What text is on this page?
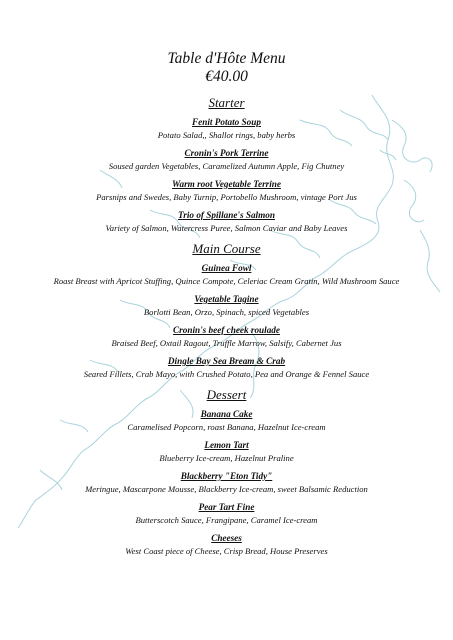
Table d'Hôte Menu
€40.00
Starter
Fenit Potato Soup
Potato Salad,, Shallot rings, baby herbs
Cronin's Pork Terrine
Soused garden Vegetables, Caramelized Autumn Apple, Fig Chutney
Warm root Vegetable Terrine
Parsnips and Swedes, Baby Turnip, Portobello Mushroom, vintage Port Jus
Trio of Spillane's Salmon
Variety of Salmon, Watercress Puree, Salmon Caviar and Baby Leaves
Main Course
Guinea Fowl
Roast Breast with Apricot Stuffing, Quince Compote, Celeriac Cream Gratin, Wild Mushroom Sauce
Vegetable Tagine
Borlotti Bean, Orzo, Spinach, spiced Vegetables
Cronin's beef cheek roulade
Braised Beef, Oxtail Ragout, Truffle Marrow, Salsify, Cabernet Jus
Dingle Bay Sea Bream & Crab
Seared Fillets, Crab Mayo, with Crushed Potato, Pea and Orange & Fennel Sauce
Dessert
Banana Cake
Caramelised Popcorn, roast Banana, Hazelnut Ice-cream
Lemon Tart
Blueberry Ice-cream, Hazelnut Praline
Blackberry "Eton Tidy"
Meringue, Mascarpone Mousse, Blackberry Ice-cream, sweet Balsamic Reduction
Pear Tart Fine
Butterscotch Sauce, Frangipane, Caramel Ice-cream
Cheeses
West Coast piece of Cheese, Crisp Bread, House Preserves
